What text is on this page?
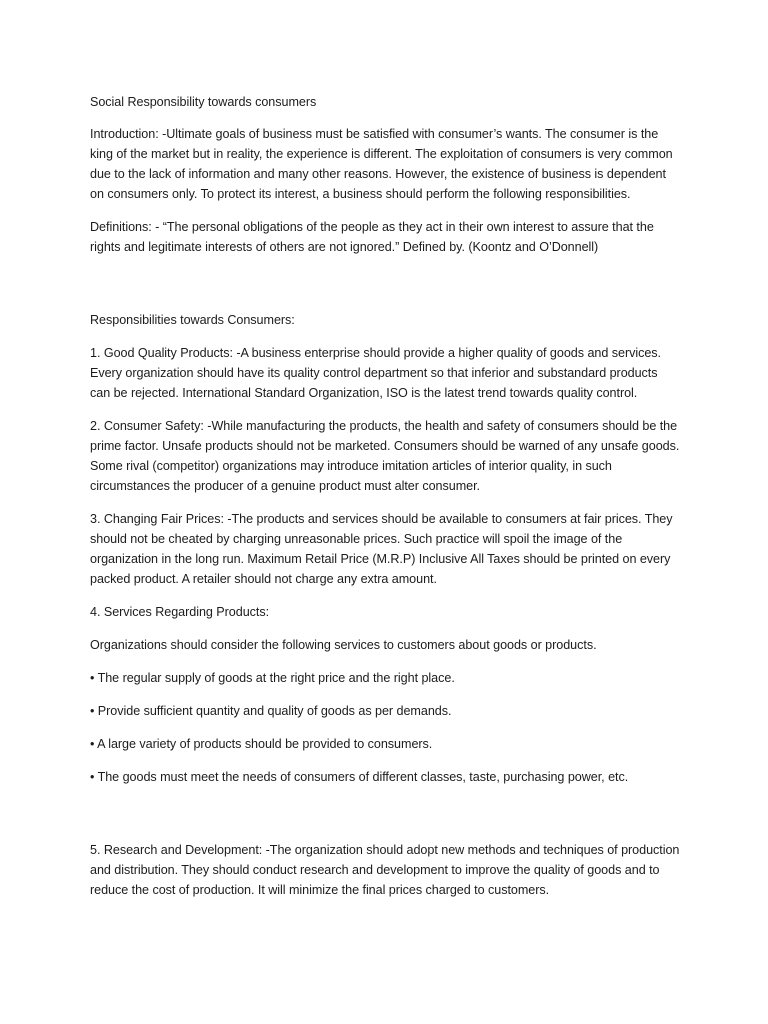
Social Responsibility towards consumers

Introduction: -Ultimate goals of business must be satisfied with consumer’s wants. The consumer is the king of the market but in reality, the experience is different. The exploitation of consumers is very common due to the lack of information and many other reasons. However, the existence of business is dependent on consumers only. To protect its interest, a business should perform the following responsibilities.

Definitions: - “The personal obligations of the people as they act in their own interest to assure that the rights and legitimate interests of others are not ignored.” Defined by. (Koontz and O’Donnell)

Responsibilities towards Consumers:

1. Good Quality Products: -A business enterprise should provide a higher quality of goods and services. Every organization should have its quality control department so that inferior and substandard products can be rejected. International Standard Organization, ISO is the latest trend towards quality control.

2. Consumer Safety: -While manufacturing the products, the health and safety of consumers should be the prime factor. Unsafe products should not be marketed. Consumers should be warned of any unsafe goods. Some rival (competitor) organizations may introduce imitation articles of interior quality, in such circumstances the producer of a genuine product must alter consumer.

3. Changing Fair Prices: -The products and services should be available to consumers at fair prices. They should not be cheated by charging unreasonable prices. Such practice will spoil the image of the organization in the long run. Maximum Retail Price (M.R.P) Inclusive All Taxes should be printed on every packed product. A retailer should not charge any extra amount.

4. Services Regarding Products:

Organizations should consider the following services to customers about goods or products.

• The regular supply of goods at the right price and the right place.

• Provide sufficient quantity and quality of goods as per demands.

• A large variety of products should be provided to consumers.

• The goods must meet the needs of consumers of different classes, taste, purchasing power, etc.

5. Research and Development: -The organization should adopt new methods and techniques of production and distribution. They should conduct research and development to improve the quality of goods and to reduce the cost of production. It will minimize the final prices charged to customers.
